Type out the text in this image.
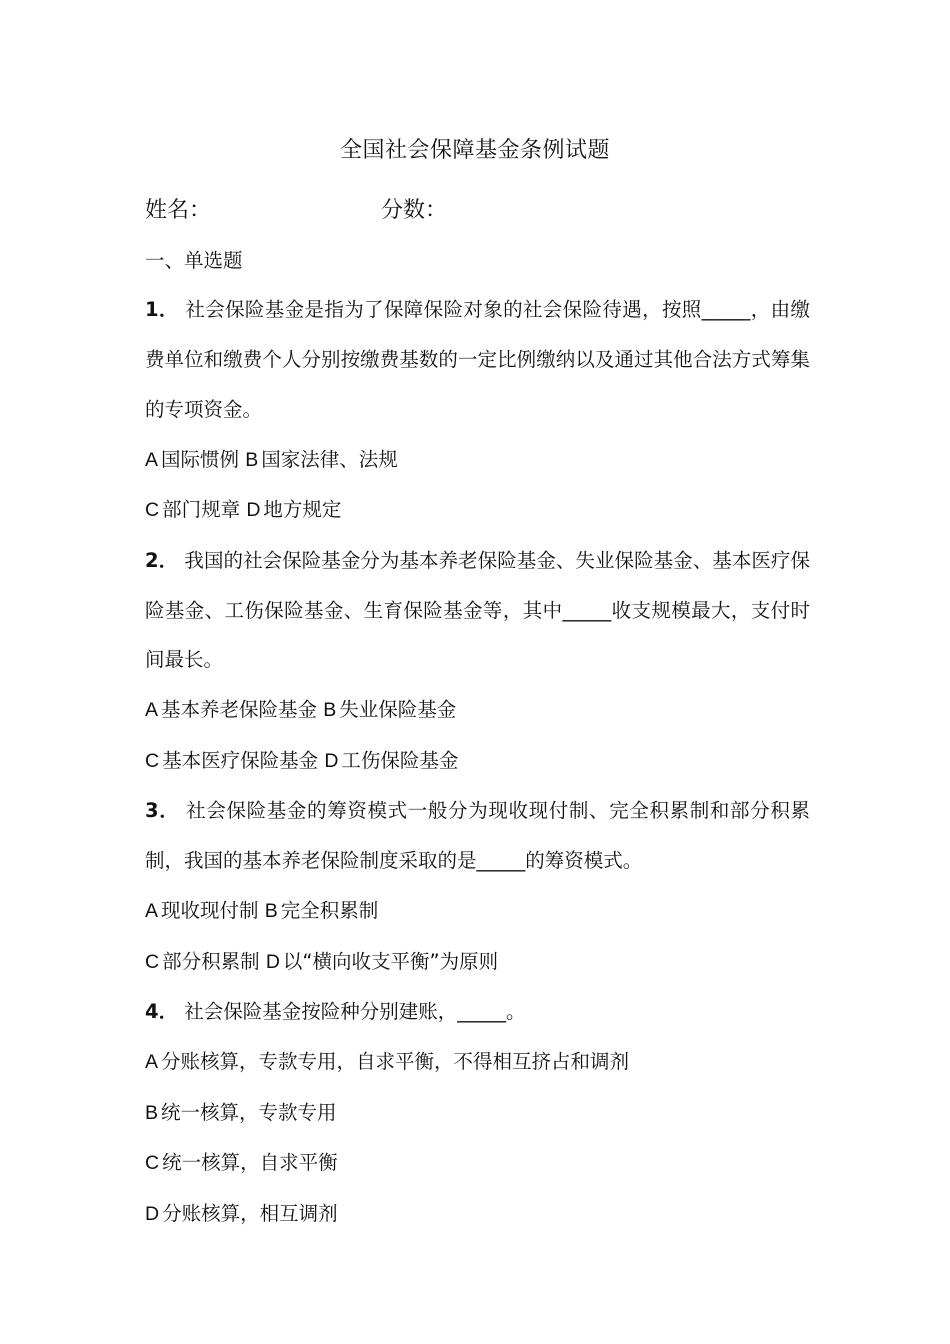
全国社会保障基金条例试题

姓名：	分数：

一、单选题

1． 社会保险基金是指为了保障保险对象的社会保险待遇，按照_____，由缴费单位和缴费个人分别按缴费基数的一定比例缴纳以及通过其他合法方式筹集的专项资金。

A 国际惯例 B 国家法律、法规

C 部门规章 D 地方规定

2． 我国的社会保险基金分为基本养老保险基金、失业保险基金、基本医疗保险基金、工伤保险基金、生育保险基金等，其中_____收支规模最大，支付时间最长。

A 基本养老保险基金 B 失业保险基金

C 基本医疗保险基金 D 工伤保险基金

3． 社会保险基金的筹资模式一般分为现收现付制、完全积累制和部分积累制，我国的基本养老保险制度采取的是_____的筹资模式。

A 现收现付制 B 完全积累制

C 部分积累制 D 以“横向收支平衡”为原则

4． 社会保险基金按险种分别建账，_____。

A 分账核算，专款专用，自求平衡，不得相互挤占和调剂

B 统一核算，专款专用

C 统一核算，自求平衡

D 分账核算，相互调剂
